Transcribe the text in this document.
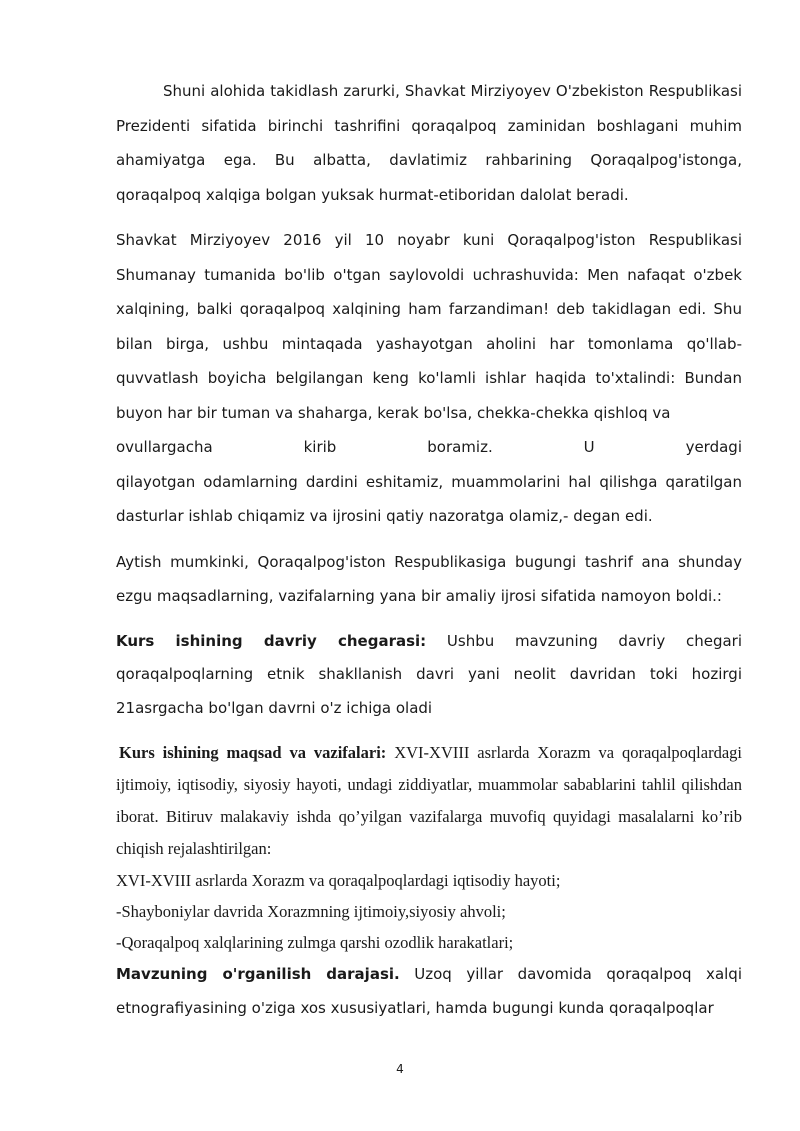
Shuni alohida takidlash zarurki, Shavkat Mirziyoyev O'zbekiston Respublikasi Prezidenti sifatida birinchi tashrifini qoraqalpoq zaminidan boshlagani muhim ahamiyatga ega. Bu albatta, davlatimiz rahbarining Qoraqalpog'istonga, qoraqalpoq xalqiga bolgan yuksak hurmat-etiboridan dalolat beradi.

Shavkat Mirziyoyev 2016 yil 10 noyabr kuni Qoraqalpog'iston Respublikasi Shumanay tumanida bo'lib o'tgan saylovoldi uchrashuvida: Men nafaqat o'zbek xalqining, balki qoraqalpoq xalqining ham farzandiman! deb takidlagan edi. Shu bilan birga, ushbu mintaqada yashayotgan aholini har tomonlama qo'llab-quvvatlash boyicha belgilangan keng ko'lamli ishlar haqida to'xtalindi: Bundan buyon har bir tuman va shaharga, kerak bo'lsa, chekka-chekka qishloq va

ovullargacha kirib boramiz. U yerdagi

qilayotgan odamlarning dardini eshitamiz, muammolarini hal qilishga qaratilgan dasturlar ishlab chiqamiz va ijrosini qatiy nazoratga olamiz,- degan edi.

Aytish mumkinki, Qoraqalpog'iston Respublikasiga bugungi tashrif ana shunday ezgu maqsadlarning, vazifalarning yana bir amaliy ijrosi sifatida namoyon boldi.:

Kurs ishining davriy chegarasi: Ushbu mavzuning davriy chegari qoraqalpoqlarning etnik shakllanish davri yani neolit davridan toki hozirgi 21asrgacha bo'lgan davrni o'z ichiga oladi

Kurs ishining maqsad va vazifalari: XVI-XVIII asrlarda Xorazm va qoraqalpoqlardagi ijtimoiy, iqtisodiy, siyosiy hayoti, undagi ziddiyatlar, muammolar sabablarini tahlil qilishdan iborat. Bitiruv malakaviy ishda qo’yilgan vazifalarga muvofiq quyidagi masalalarni ko’rib chiqish rejalashtirilgan:

XVI-XVIII asrlarda Xorazm va qoraqalpoqlardagi iqtisodiy hayoti;
-Shayboniylar davrida Xorazmning ijtimoiy,siyosiy ahvoli;
-Qoraqalpoq xalqlarining zulmga qarshi ozodlik harakatlari;

Mavzuning o'rganilish darajasi. Uzoq yillar davomida qoraqalpoq xalqi etnografiyasining o'ziga xos xususiyatlari, hamda bugungi kunda qoraqalpoqlar

4
